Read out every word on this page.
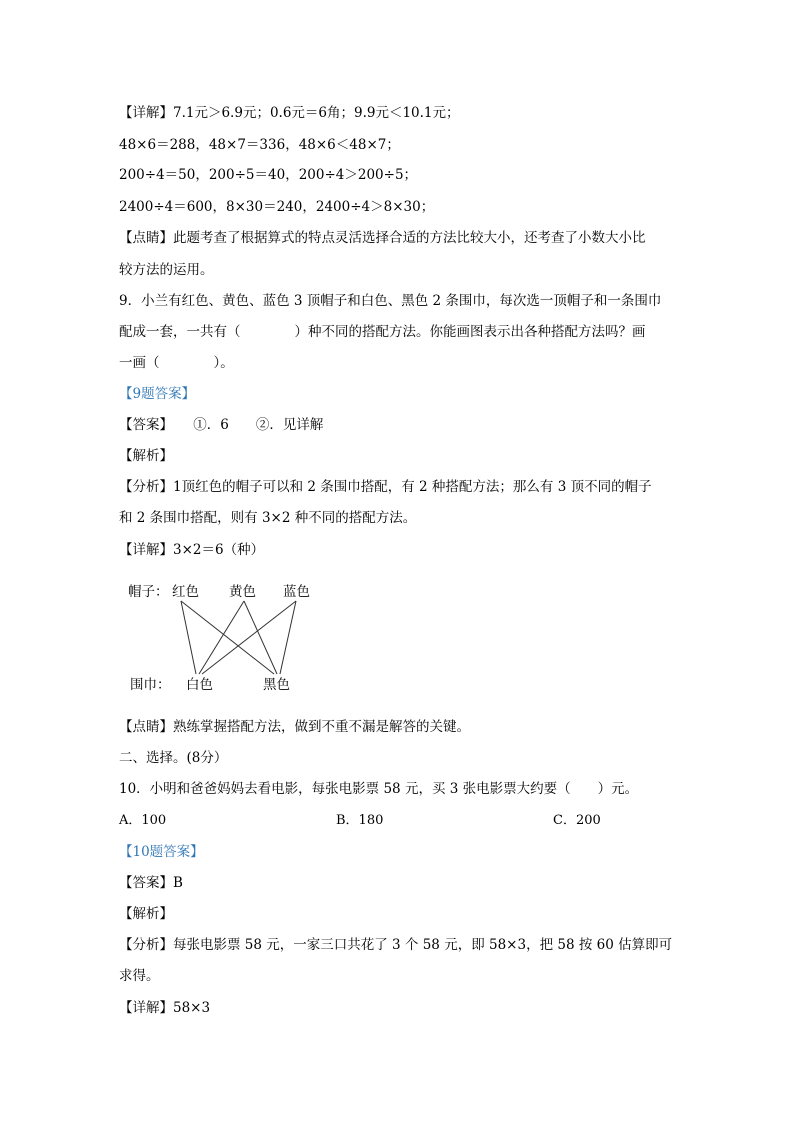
【详解】7.1元＞6.9元；0.6元＝6角；9.9元＜10.1元；
48×6＝288，48×7＝336，48×6＜48×7；
200÷4＝50，200÷5＝40，200÷4＞200÷5；
2400÷4＝600，8×30＝240，2400÷4＞8×30；
【点睛】此题考查了根据算式的特点灵活选择合适的方法比较大小，还考查了小数大小比
较方法的运用。
9．小兰有红色、黄色、蓝色 3 顶帽子和白色、黑色 2 条围巾，每次选一顶帽子和一条围巾
配成一套，一共有（　　　　）种不同的搭配方法。你能画图表示出各种搭配方法吗？画
一画（　　　　）。
【9题答案】
【答案】　　①．6　　②．见详解
【解析】
【分析】1顶红色的帽子可以和 2 条围巾搭配，有 2 种搭配方法；那么有 3 顶不同的帽子
和 2 条围巾搭配，则有 3×2 种不同的搭配方法。
【详解】3×2＝6（种）
帽子： 红色 黄色 蓝色
围巾： 白色	黑色
【点睛】熟练掌握搭配方法，做到不重不漏是解答的关键。
二、选择。(8分）
10．小明和爸爸妈妈去看电影，每张电影票 58 元，买 3 张电影票大约要（　　）元。
A．100	B．180	C．200
【10题答案】
【答案】B
【解析】
【分析】每张电影票 58 元，一家三口共花了 3 个 58 元，即 58×3，把 58 按 60 估算即可
求得。
【详解】58×3
